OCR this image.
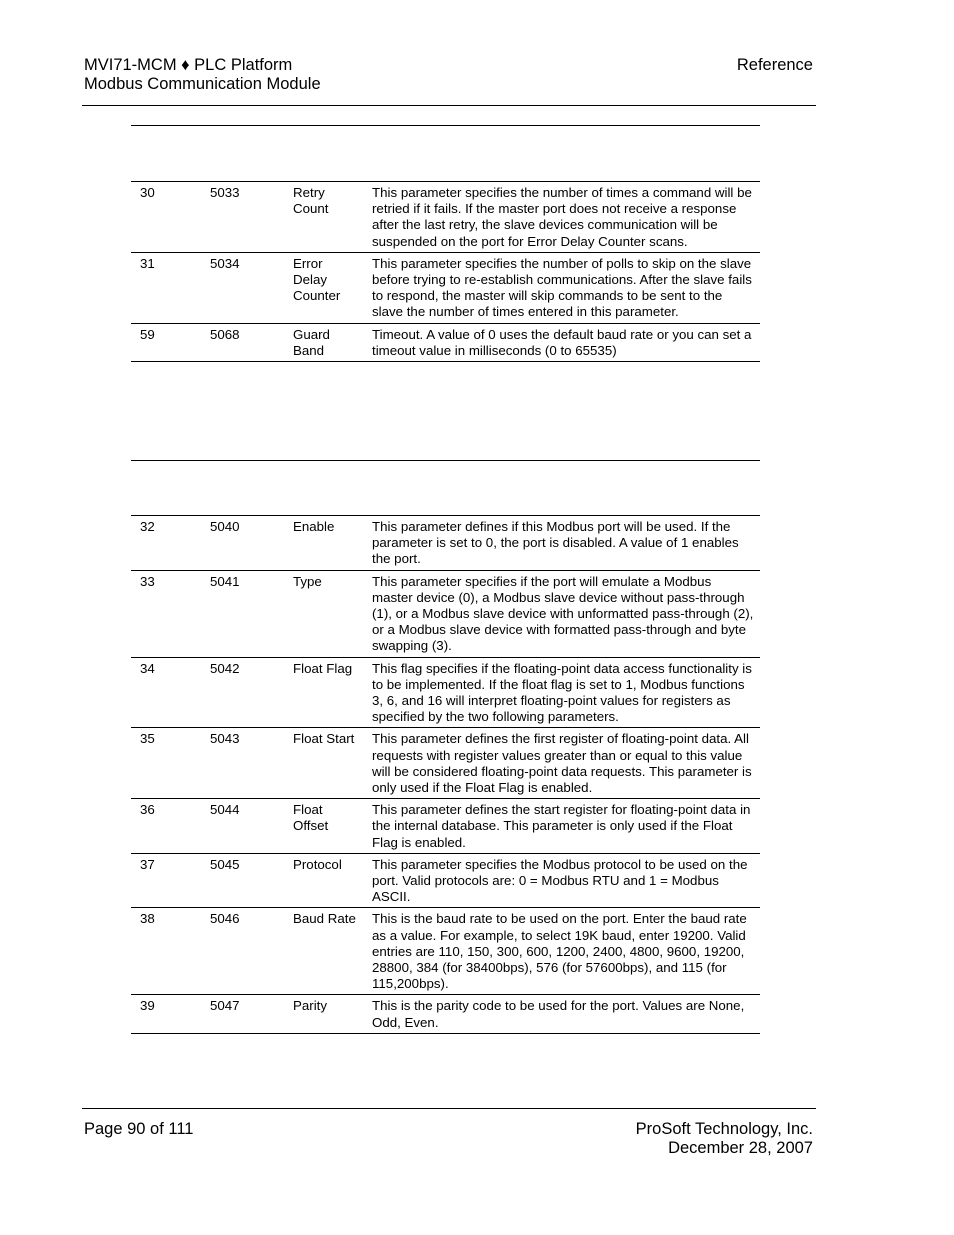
MVI71-MCM ♦ PLC Platform
Modbus Communication Module
Reference
30	5033	Retry Count	This parameter specifies the number of times a command will be retried if it fails. If the master port does not receive a response after the last retry, the slave devices communication will be suspended on the port for Error Delay Counter scans.
31	5034	Error Delay Counter	This parameter specifies the number of polls to skip on the slave before trying to re-establish communications. After the slave fails to respond, the master will skip commands to be sent to the slave the number of times entered in this parameter.
59	5068	Guard Band	Timeout. A value of 0 uses the default baud rate or you can set a timeout value in milliseconds (0 to 65535)
32	5040	Enable	This parameter defines if this Modbus port will be used. If the parameter is set to 0, the port is disabled. A value of 1 enables the port.
33	5041	Type	This parameter specifies if the port will emulate a Modbus master device (0), a Modbus slave device without pass-through (1), or a Modbus slave device with unformatted pass-through (2), or a Modbus slave device with formatted pass-through and byte swapping (3).
34	5042	Float Flag	This flag specifies if the floating-point data access functionality is to be implemented. If the float flag is set to 1, Modbus functions 3, 6, and 16 will interpret floating-point values for registers as specified by the two following parameters.
35	5043	Float Start	This parameter defines the first register of floating-point data. All requests with register values greater than or equal to this value will be considered floating-point data requests. This parameter is only used if the Float Flag is enabled.
36	5044	Float Offset	This parameter defines the start register for floating-point data in the internal database. This parameter is only used if the Float Flag is enabled.
37	5045	Protocol	This parameter specifies the Modbus protocol to be used on the port. Valid protocols are: 0 = Modbus RTU and 1 = Modbus ASCII.
38	5046	Baud Rate	This is the baud rate to be used on the port. Enter the baud rate as a value. For example, to select 19K baud, enter 19200. Valid entries are 110, 150, 300, 600, 1200, 2400, 4800, 9600, 19200, 28800, 384 (for 38400bps), 576 (for 57600bps), and 115 (for 115,200bps).
39	5047	Parity	This is the parity code to be used for the port. Values are None, Odd, Even.
Page 90 of 111	ProSoft Technology, Inc.
December 28, 2007
